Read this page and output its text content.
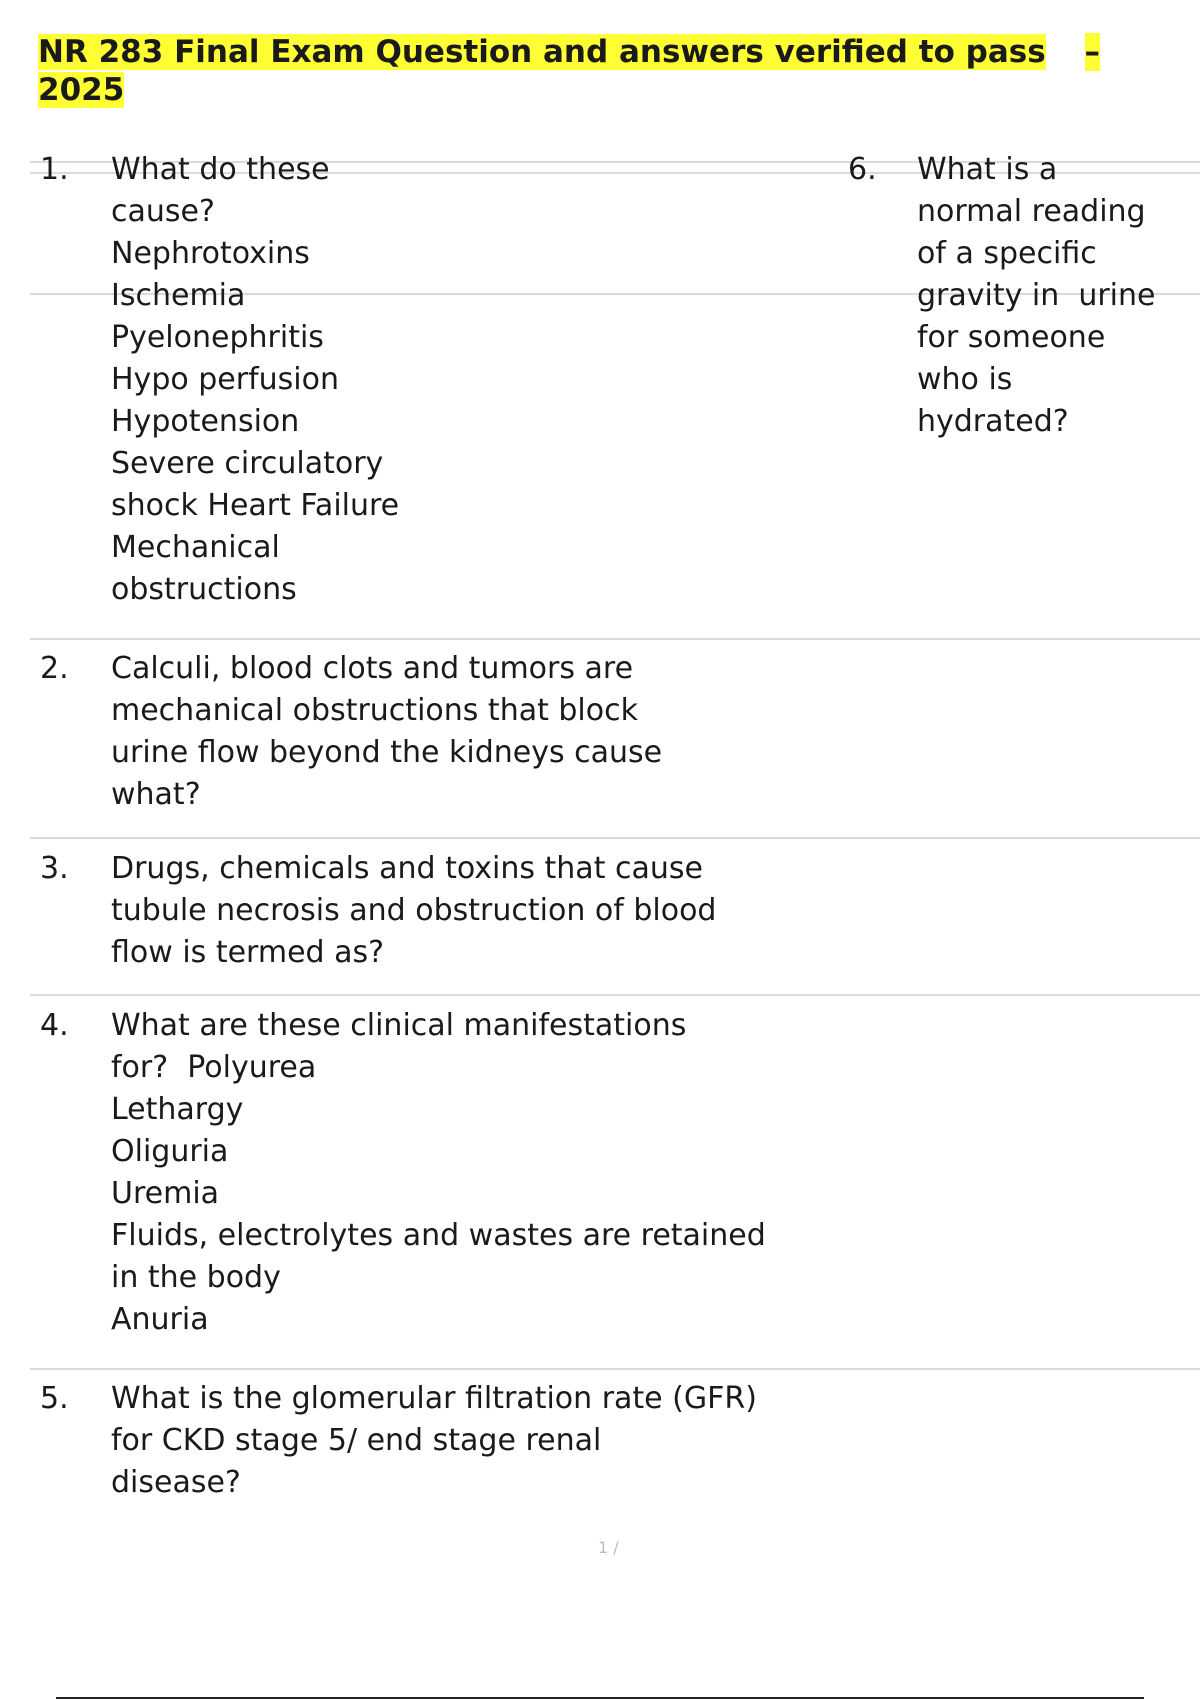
NR 283 Final Exam Question and answers verified to pass –

2025
1. What do these
cause?
Nephrotoxins
Ischemia
Pyelonephritis
Hypo perfusion
Hypotension
Severe circulatory
shock Heart Failure
Mechanical
obstructions
6. What is a
normal reading
of a specific
gravity in  urine
for someone
who is
hydrated?
2. Calculi, blood clots and tumors are
mechanical obstructions that block
urine flow beyond the kidneys cause
what?
3. Drugs, chemicals and toxins that cause
tubule necrosis and obstruction of blood
flow is termed as?
4. What are these clinical manifestations
for?  Polyurea
Lethargy
Oliguria
Uremia
Fluids, electrolytes and wastes are retained
in the body
Anuria
5. What is the glomerular filtration rate (GFR)
for CKD stage 5/ end stage renal
disease?
1 /
